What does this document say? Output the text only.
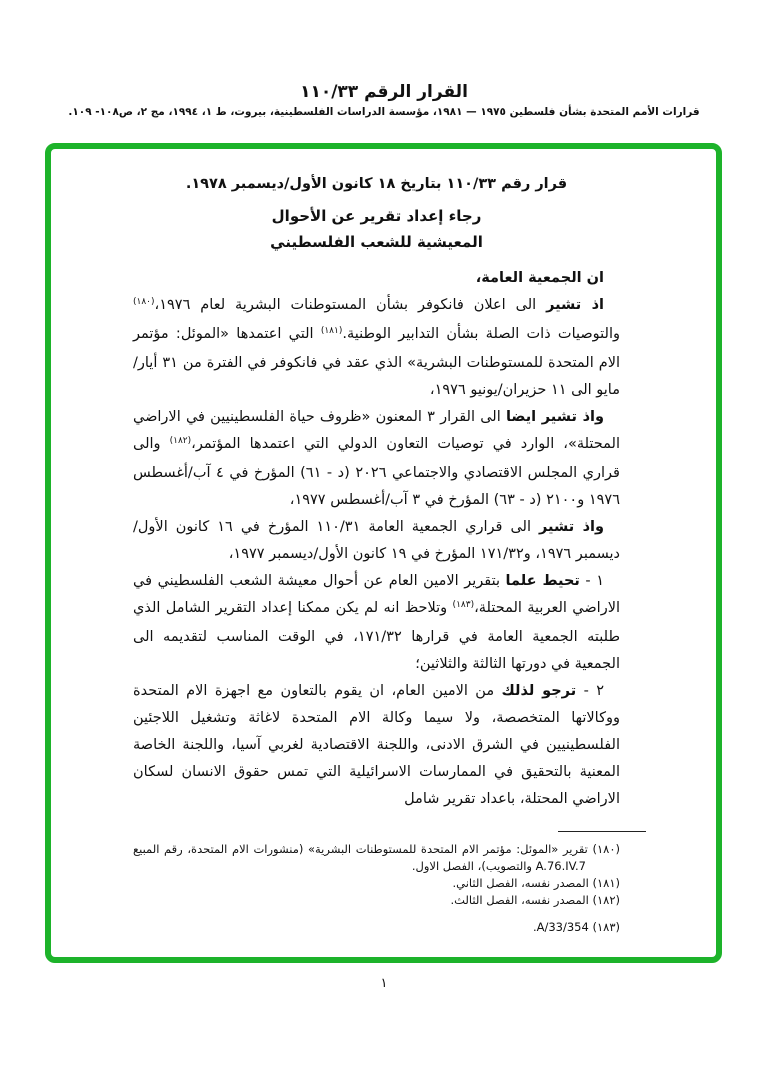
القرار الرقم ١١٠/٣٣
قرارات الأمم المتحدة بشأن فلسطين ١٩٧٥ — ١٩٨١، مؤسسة الدراسات الفلسطينية، بيروت، ط ١، ١٩٩٤، مج ٢، ص١٠٨- ١٠٩.

قرار رقم ١١٠/٣٣ بتاريخ ١٨ كانون الأول/ديسمبر ١٩٧٨.

رجاء إعداد تقرير عن الأحوال
المعيشية للشعب الفلسطيني

ان الجمعية العامة،

اذ تشير الى اعلان فانكوفر بشأن المستوطنات البشرية لعام ١٩٧٦،$^{(١٨٠)}$ والتوصيات ذات الصلة بشأن التدابير الوطنية.$^{(١٨١)}$ التي اعتمدها «الموئل: مؤتمر الام المتحدة للمستوطنات البشرية» الذي عقد في فانكوفر في الفترة من ٣١ أيار/مايو الى ١١ حزيران/يونيو ١٩٧٦،

واذ تشير ايضا الى القرار ٣ المعنون «ظروف حياة الفلسطينيين في الاراضي المحتلة»، الوارد في توصيات التعاون الدولي التي اعتمدها المؤتمر،$^{(١٨٢)}$ والى قراري المجلس الاقتصادي والاجتماعي ٢٠٢٦ (د - ٦١) المؤرخ في ٤ آب/أغسطس ١٩٧٦ و٢١٠٠ (د - ٦٣) المؤرخ في ٣ آب/أغسطس ١٩٧٧،

واذ تشير الى قراري الجمعية العامة ١١٠/٣١ المؤرخ في ١٦ كانون الأول/ديسمبر ١٩٧٦، و١٧١/٣٢ المؤرخ في ١٩ كانون الأول/ديسمبر ١٩٧٧،

١ - تحيط علما بتقرير الامين العام عن أحوال معيشة الشعب الفلسطيني في الاراضي العربية المحتلة،$^{(١٨٣)}$ وتلاحظ انه لم يكن ممكنا إعداد التقرير الشامل الذي طلبته الجمعية العامة في قرارها ١٧١/٣٢، في الوقت المناسب لتقديمه الى الجمعية في دورتها الثالثة والثلاثين؛

٢ - ترجو لذلك من الامين العام، ان يقوم بالتعاون مع اجهزة الام المتحدة ووكالاتها المتخصصة، ولا سيما وكالة الام المتحدة لاغاثة وتشغيل اللاجئين الفلسطينيين في الشرق الادنى، واللجنة الاقتصادية لغربي آسيا، واللجنة الخاصة المعنية بالتحقيق في الممارسات الاسرائيلية التي تمس حقوق الانسان لسكان الاراضي المحتلة، باعداد تقرير شامل

(١٨٠) تقرير «الموئل: مؤتمر الام المتحدة للمستوطنات البشرية» (منشورات الام المتحدة، رقم المبيع A.76.IV.7 والتصويب)، الفصل الاول.
(١٨١) المصدر نفسه، الفصل الثاني.
(١٨٢) المصدر نفسه، الفصل الثالث.
(١٨٣) A/33/354.
١
